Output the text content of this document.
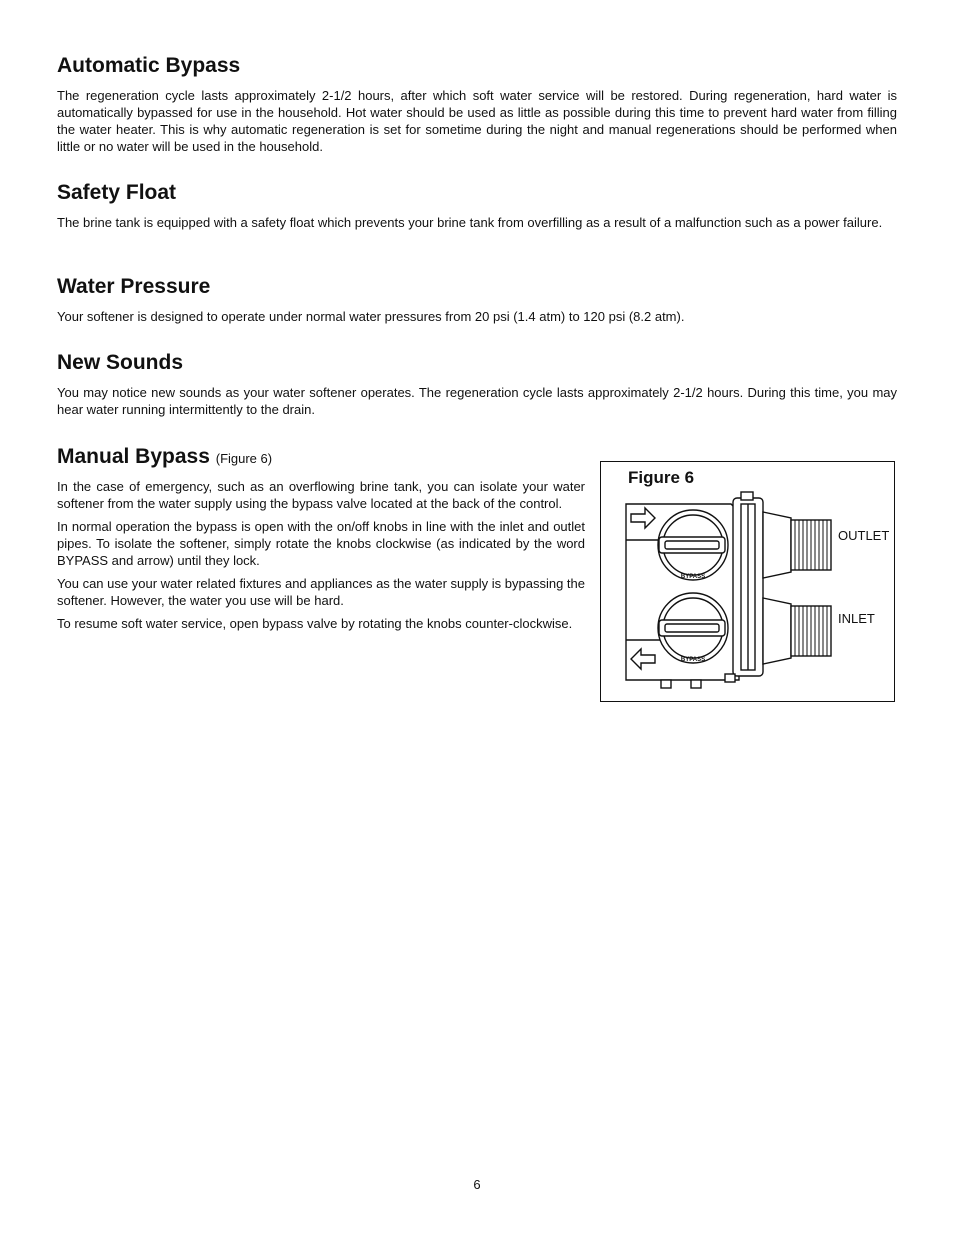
Automatic Bypass

The regeneration cycle lasts approximately 2-1/2 hours, after which soft water service will be restored. During regeneration, hard water is automatically bypassed for use in the household. Hot water should be used as little as possible during this time to prevent hard water from filling the water heater. This is why automatic regeneration is set for sometime during the night and manual regenerations should be performed when little or no water will be used in the household.

Safety Float

The brine tank is equipped with a safety float which prevents your brine tank from overfilling as a result of a malfunction such as a power failure.

Water Pressure

Your softener is designed to operate under normal water pressures from 20 psi (1.4 atm) to 120 psi (8.2 atm).

New Sounds

You may notice new sounds as your water softener operates. The regeneration cycle lasts approximately 2-1/2 hours. During this time, you may hear water running intermittently to the drain.

Manual Bypass (Figure 6)

In the case of emergency, such as an overflowing brine tank, you can isolate your water softener from the water supply using the bypass valve located at the back of the control.

In normal operation the bypass is open with the on/off knobs in line with the inlet and outlet pipes. To isolate the softener, simply rotate the knobs clockwise (as indicated by the word BYPASS and arrow) until they lock.

You can use your water related fixtures and appliances as the water supply is bypassing the softener. However, the water you use will be hard.

To resume soft water service, open bypass valve by rotating the knobs counter-clockwise.

Figure 6
OUTLET
INLET
BYPASS
BYPASS
6
